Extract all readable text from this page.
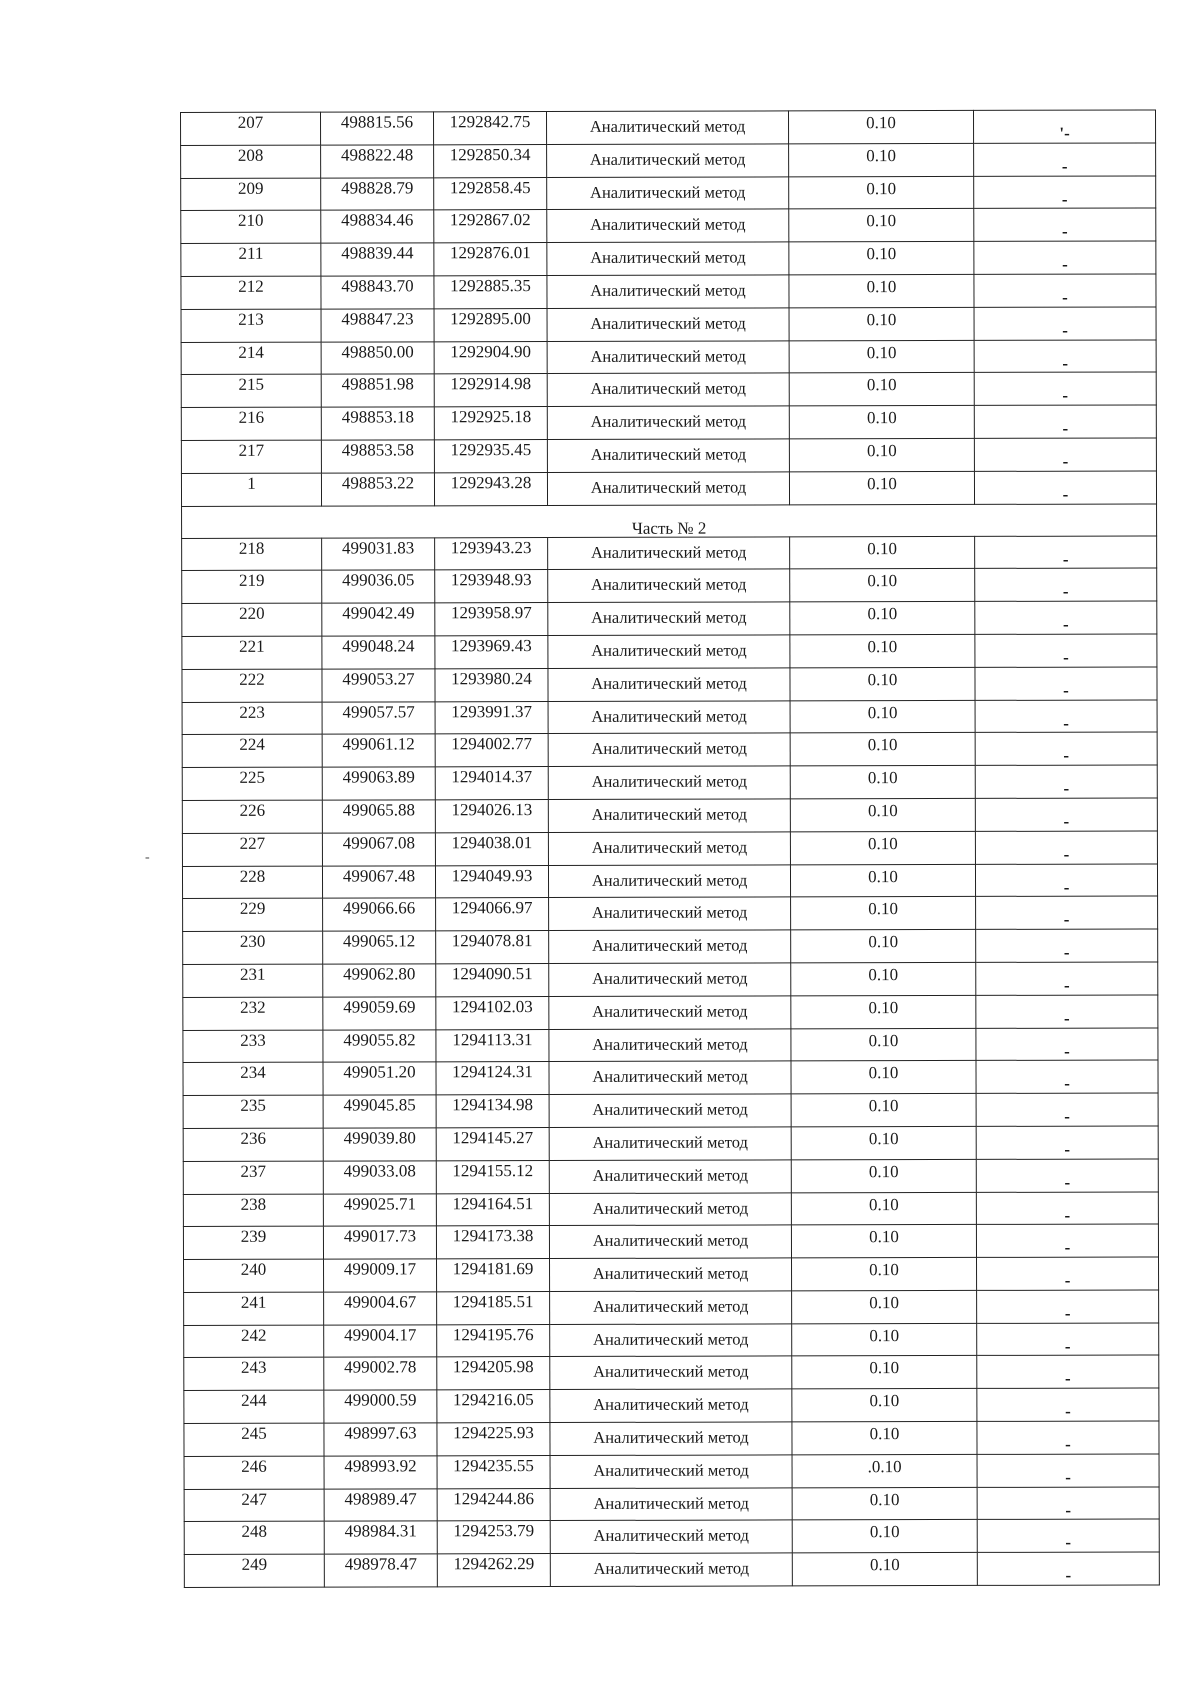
207	498815.56	1292842.75	Аналитический метод	0.10	'-

208	498822.48	1292850.34	Аналитический метод	0.10	-

209	498828.79	1292858.45	Аналитический метод	0.10	-

210	498834.46	1292867.02	Аналитический метод	0.10	-

211	498839.44	1292876.01	Аналитический метод	0.10	-

212	498843.70	1292885.35	Аналитический метод	0.10	-

213	498847.23	1292895.00	Аналитический метод	0.10	-

214	498850.00	1292904.90	Аналитический метод	0.10	-

215	498851.98	1292914.98	Аналитический метод	0.10	-

216	498853.18	1292925.18	Аналитический метод	0.10	-

217	498853.58	1292935.45	Аналитический метод	0.10	-

1	498853.22	1292943.28	Аналитический метод	0.10	-

Часть № 2					

218	499031.83	1293943.23	Аналитический метод	0.10	-

219	499036.05	1293948.93	Аналитический метод	0.10	-

220	499042.49	1293958.97	Аналитический метод	0.10	-

221	499048.24	1293969.43	Аналитический метод	0.10	-

222	499053.27	1293980.24	Аналитический метод	0.10	-

223	499057.57	1293991.37	Аналитический метод	0.10	-

224	499061.12	1294002.77	Аналитический метод	0.10	-

225	499063.89	1294014.37	Аналитический метод	0.10	-

226	499065.88	1294026.13	Аналитический метод	0.10	-

227	499067.08	1294038.01	Аналитический метод	0.10	-

228	499067.48	1294049.93	Аналитический метод	0.10	-

229	499066.66	1294066.97	Аналитический метод	0.10	-

230	499065.12	1294078.81	Аналитический метод	0.10	-

231	499062.80	1294090.51	Аналитический метод	0.10	-

232	499059.69	1294102.03	Аналитический метод	0.10	-

233	499055.82	1294113.31	Аналитический метод	0.10	-

234	499051.20	1294124.31	Аналитический метод	0.10	-

235	499045.85	1294134.98	Аналитический метод	0.10	-

236	499039.80	1294145.27	Аналитический метод	0.10	-

237	499033.08	1294155.12	Аналитический метод	0.10	-

238	499025.71	1294164.51	Аналитический метод	0.10	-

239	499017.73	1294173.38	Аналитический метод	0.10	-

240	499009.17	1294181.69	Аналитический метод	0.10	-

241	499004.67	1294185.51	Аналитический метод	0.10	-

242	499004.17	1294195.76	Аналитический метод	0.10	-

243	499002.78	1294205.98	Аналитический метод	0.10	-

244	499000.59	1294216.05	Аналитический метод	0.10	-

245	498997.63	1294225.93	Аналитический метод	0.10	-

246	498993.92	1294235.55	Аналитический метод	.0.10	-

247	498989.47	1294244.86	Аналитический метод	0.10	-

248	498984.31	1294253.79	Аналитический метод	0.10	-

249	498978.47	1294262.29	Аналитический метод	0.10	-
-
